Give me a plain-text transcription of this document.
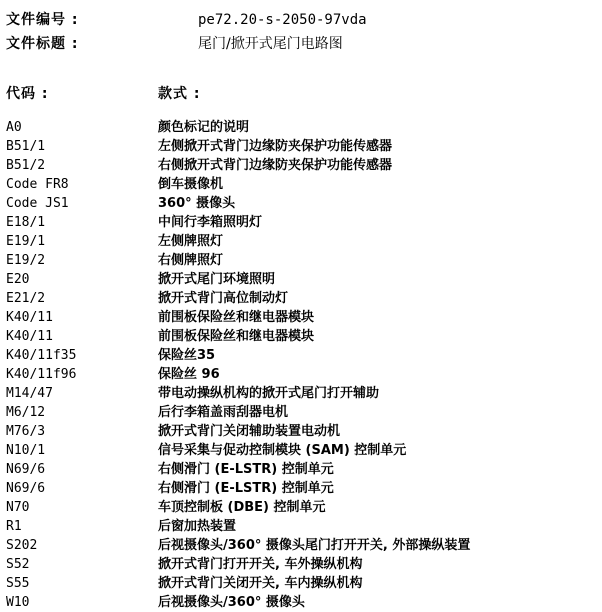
文件编号 :	pe72.20-s-2050-97vda
文件标题 :	尾门/掀开式尾门电路图
代码 :	款式 :
A0	颜色标记的说明
B51/1	左侧掀开式背门边缘防夹保护功能传感器
B51/2	右侧掀开式背门边缘防夹保护功能传感器
Code FR8	倒车摄像机
Code JS1	360° 摄像头
E18/1	中间行李箱照明灯
E19/1	左侧牌照灯
E19/2	右侧牌照灯
E20	掀开式尾门环境照明
E21/2	掀开式背门高位制动灯
K40/11	前围板保险丝和继电器模块
K40/11	前围板保险丝和继电器模块
K40/11f35	保险丝35
K40/11f96	保险丝 96
M14/47	带电动操纵机构的掀开式尾门打开辅助
M6/12	后行李箱盖雨刮器电机
M76/3	掀开式背门关闭辅助装置电动机
N10/1	信号采集与促动控制模块 (SAM) 控制单元
N69/6	右侧滑门 (E-LSTR) 控制单元
N69/6	右侧滑门 (E-LSTR) 控制单元
N70	车顶控制板 (DBE) 控制单元
R1	后窗加热装置
S202	后视摄像头/360° 摄像头尾门打开开关, 外部操纵装置
S52	掀开式背门打开开关, 车外操纵机构
S55	掀开式背门关闭开关, 车内操纵机构
W10	后视摄像头/360° 摄像头
